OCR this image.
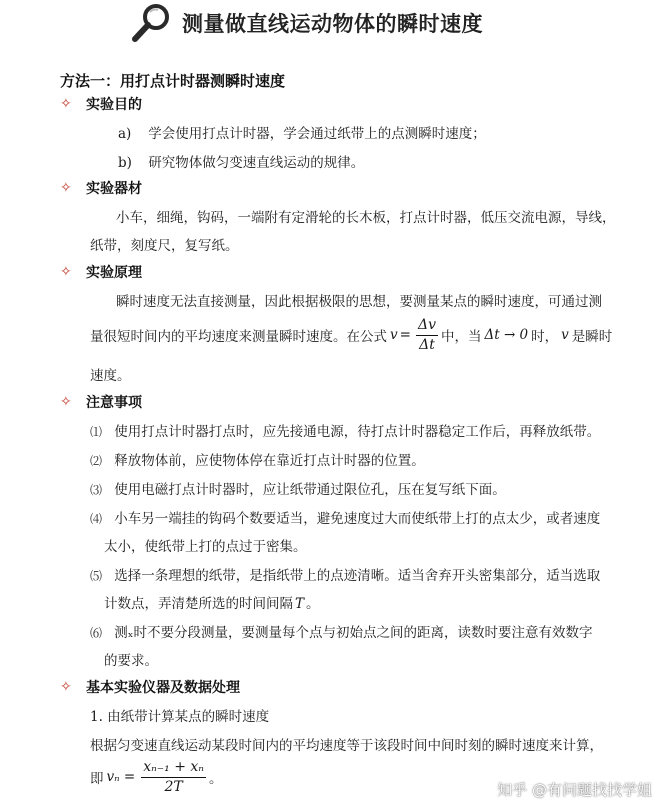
测量做直线运动物体的瞬时速度
方法一：用打点计时器测瞬时速度
✧	实验目的
a) 学会使用打点计时器，学会通过纸带上的点测瞬时速度；
b) 研究物体做匀变速直线运动的规律。
✧	实验器材
小车，细绳，钩码，一端附有定滑轮的长木板，打点计时器，低压交流电源，导线，
纸带，刻度尺，复写纸。
✧	实验原理
瞬时速度无法直接测量，因此根据极限的思想，要测量某点的瞬时速度，可通过测
量很短时间内的平均速度来测量瞬时速度。在公式 $v = \frac{\Delta v}{\Delta t}$ 中，当 Δt → 0 时， v 是瞬时
速度。
✧	注意事项
⑴ 使用打点计时器打点时，应先接通电源，待打点计时器稳定工作后，再释放纸带。
⑵ 释放物体前，应使物体停在靠近打点计时器的位置。
⑶ 使用电磁打点计时器时，应让纸带通过限位孔，压在复写纸下面。
⑷ 小车另一端挂的钩码个数要适当，避免速度过大而使纸带上打的点太少，或者速度
太小，使纸带上打的点过于密集。
⑸ 选择一条理想的纸带，是指纸带上的点迹清晰。适当舍弃开头密集部分，适当选取
计数点，弄清楚所选的时间间隔 T 。
⑹ 测ₓ时不要分段测量，要测量每个点与初始点之间的距离，读数时要注意有效数字
的要求。
✧	基本实验仪器及数据处理
1. 由纸带计算某点的瞬时速度
根据匀变速直线运动某段时间内的平均速度等于该段时间中间时刻的瞬时速度来计算，
即 $v_n = \frac{\text{xₙ₋₁ + xₙ}}{2T}$ 。
知乎 @有问题找找学姐
